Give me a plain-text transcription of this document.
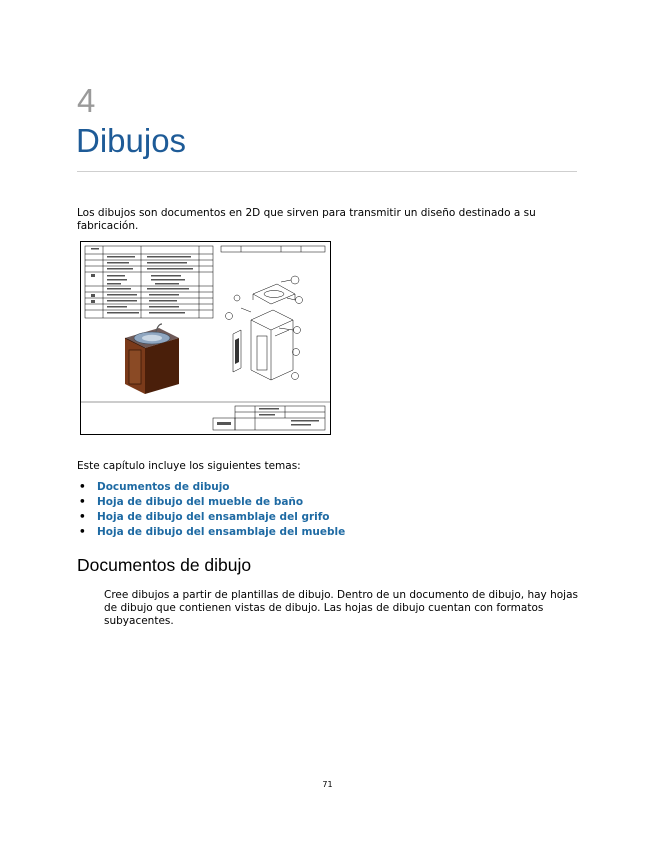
4
Dibujos
Los dibujos son documentos en 2D que sirven para transmitir un diseño destinado a su fabricación.
Este capítulo incluye los siguientes temas:
• Documentos de dibujo
• Hoja de dibujo del mueble de baño
• Hoja de dibujo del ensamblaje del grifo
• Hoja de dibujo del ensamblaje del mueble
Documentos de dibujo
Cree dibujos a partir de plantillas de dibujo. Dentro de un documento de dibujo, hay hojas de dibujo que contienen vistas de dibujo. Las hojas de dibujo cuentan con formatos subyacentes.
71
